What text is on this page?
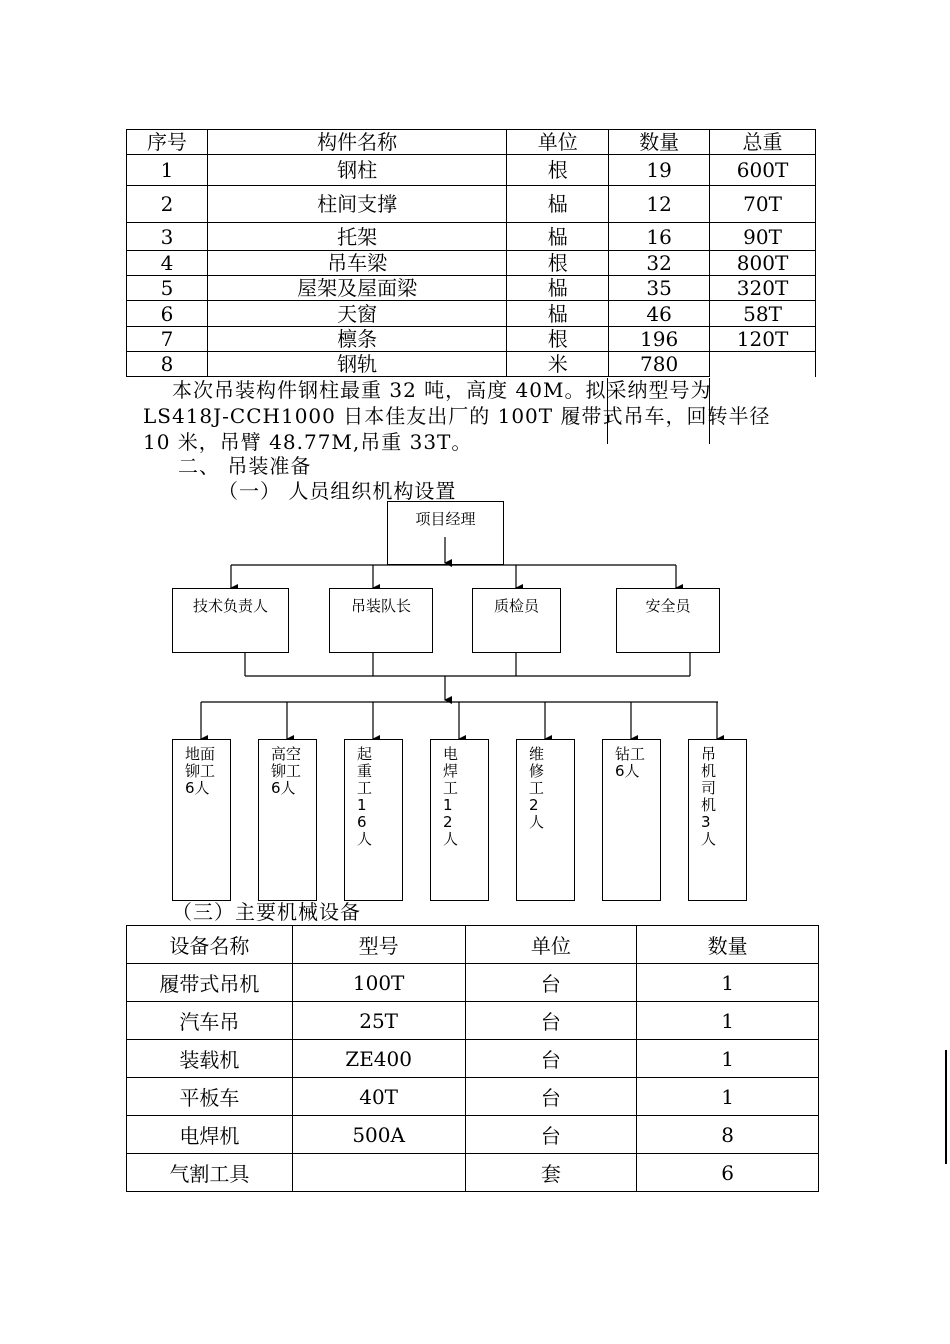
序号	构件名称	单位	数量	总重
1	钢柱	根	19	600T
2	柱间支撑	榀	12	70T
3	托架	榀	16	90T
4	吊车梁	根	32	800T
5	屋架及屋面梁	榀	35	320T
6	天窗	榀	46	58T
7	檩条	根	196	120T
8	钢轨	米	780	
本次吊装构件钢柱最重 32 吨，高度 40M。拟采纳型号为
LS418J-CCH1000 日本佳友出厂的 100T 履带式吊车，回转半径
10 米，吊臂 48.77M,吊重 33T。
二、 吊装准备
（一） 人员组织机构设置
项目经理
技术负责人	吊装队长	质检员	安全员
地面铆工6人
高空铆工6人
起重工16人
电焊工12人
维修工2人
钻工6人
吊机司机3人
（三）主要机械设备
设备名称	型号	单位	数量
履带式吊机	100T	台	1
汽车吊	25T	台	1
装载机	ZE400	台	1
平板车	40T	台	1
电焊机	500A	台	8
气割工具		套	6
